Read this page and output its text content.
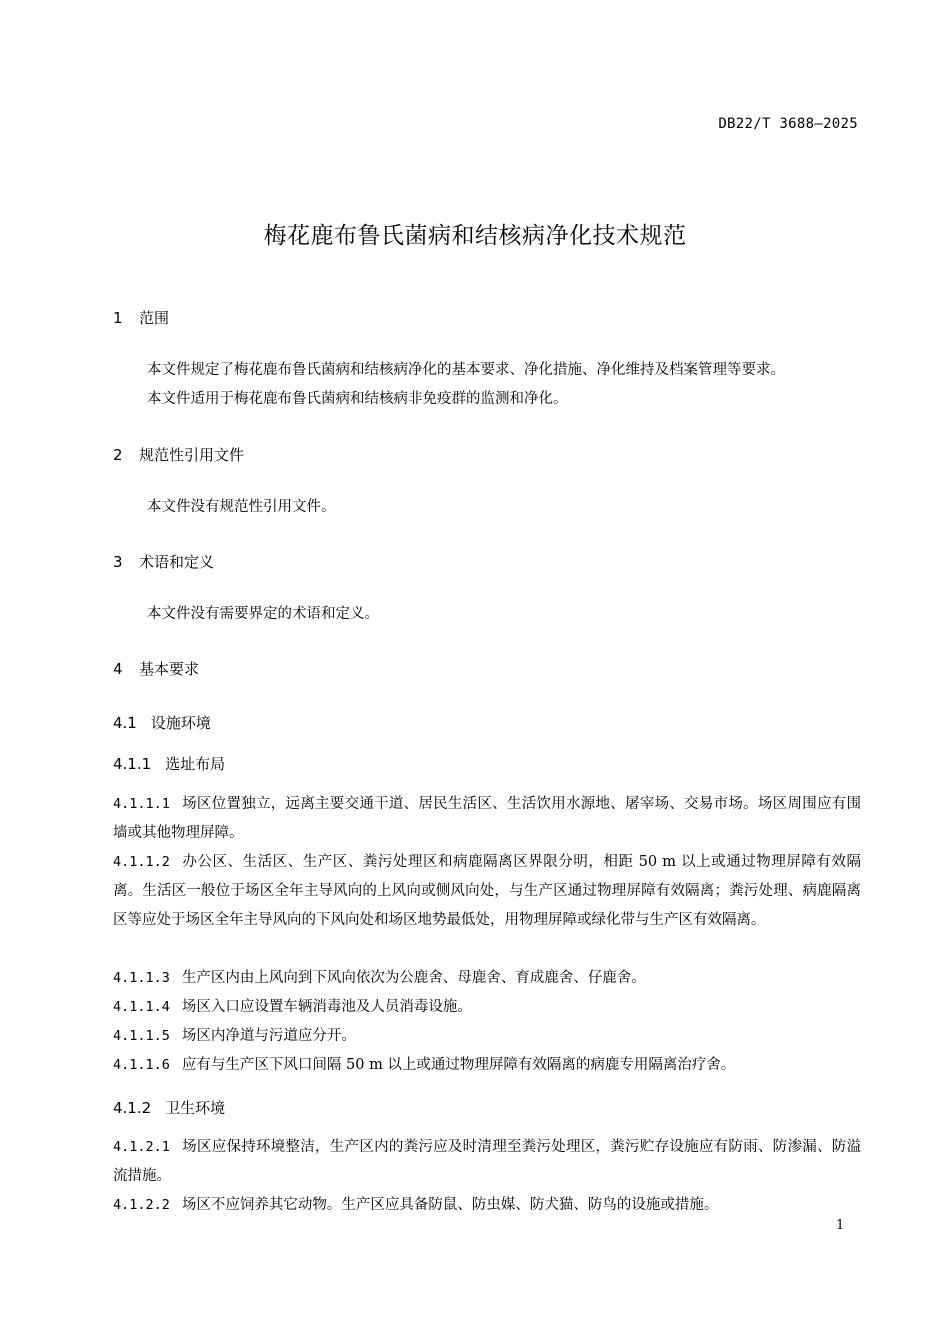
DB22/T 3688—2025
梅花鹿布鲁氏菌病和结核病净化技术规范
1 范围
本文件规定了梅花鹿布鲁氏菌病和结核病净化的基本要求、净化措施、净化维持及档案管理等要求。
本文件适用于梅花鹿布鲁氏菌病和结核病非免疫群的监测和净化。
2 规范性引用文件
本文件没有规范性引用文件。
3 术语和定义
本文件没有需要界定的术语和定义。
4 基本要求
4.1 设施环境
4.1.1 选址布局
4.1.1.1 场区位置独立，远离主要交通干道、居民生活区、生活饮用水源地、屠宰场、交易市场。场区周围应有围墙或其他物理屏障。
4.1.1.2 办公区、生活区、生产区、粪污处理区和病鹿隔离区界限分明，相距 50 m 以上或通过物理屏障有效隔离。生活区一般位于场区全年主导风向的上风向或侧风向处，与生产区通过物理屏障有效隔离；粪污处理、病鹿隔离区等应处于场区全年主导风向的下风向处和场区地势最低处，用物理屏障或绿化带与生产区有效隔离。
4.1.1.3 生产区内由上风向到下风向依次为公鹿舍、母鹿舍、育成鹿舍、仔鹿舍。
4.1.1.4 场区入口应设置车辆消毒池及人员消毒设施。
4.1.1.5 场区内净道与污道应分开。
4.1.1.6 应有与生产区下风口间隔 50 m 以上或通过物理屏障有效隔离的病鹿专用隔离治疗舍。
4.1.2 卫生环境
4.1.2.1 场区应保持环境整洁，生产区内的粪污应及时清理至粪污处理区，粪污贮存设施应有防雨、防渗漏、防溢流措施。
4.1.2.2 场区不应饲养其它动物。生产区应具备防鼠、防虫媒、防犬猫、防鸟的设施或措施。
1
